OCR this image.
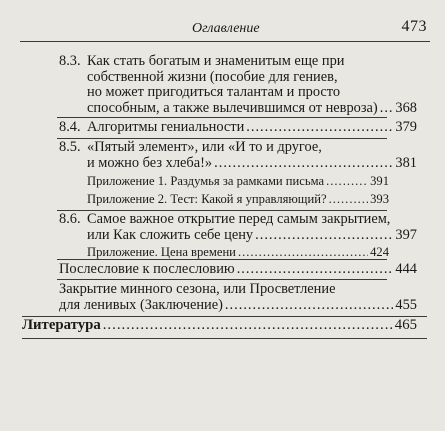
Оглавление	473
8.3. Как стать богатым и знаменитым еще при
собственной жизни (пособие для гениев,
но может пригодиться талантам и просто
способным, а также вылечившимся от невроза) ..... 368
8.4. Алгоритмы гениальности .....	379
8.5. «Пятый элемент», или «И то и другое,
и можно без хлеба!» .....	381
Приложение 1. Раздумья за рамками письма .....	391
Приложение 2. Тест: Какой я управляющий? .....	393
8.6. Самое важное открытие перед самым закрытием,
или Как сложить себе цену .....	397
Приложение. Цена времени .....	424
Послесловие к послесловию .....	444
Закрытие минного сезона, или Просветление
для ленивых (Заключение) .....	455
Литература .....	465
